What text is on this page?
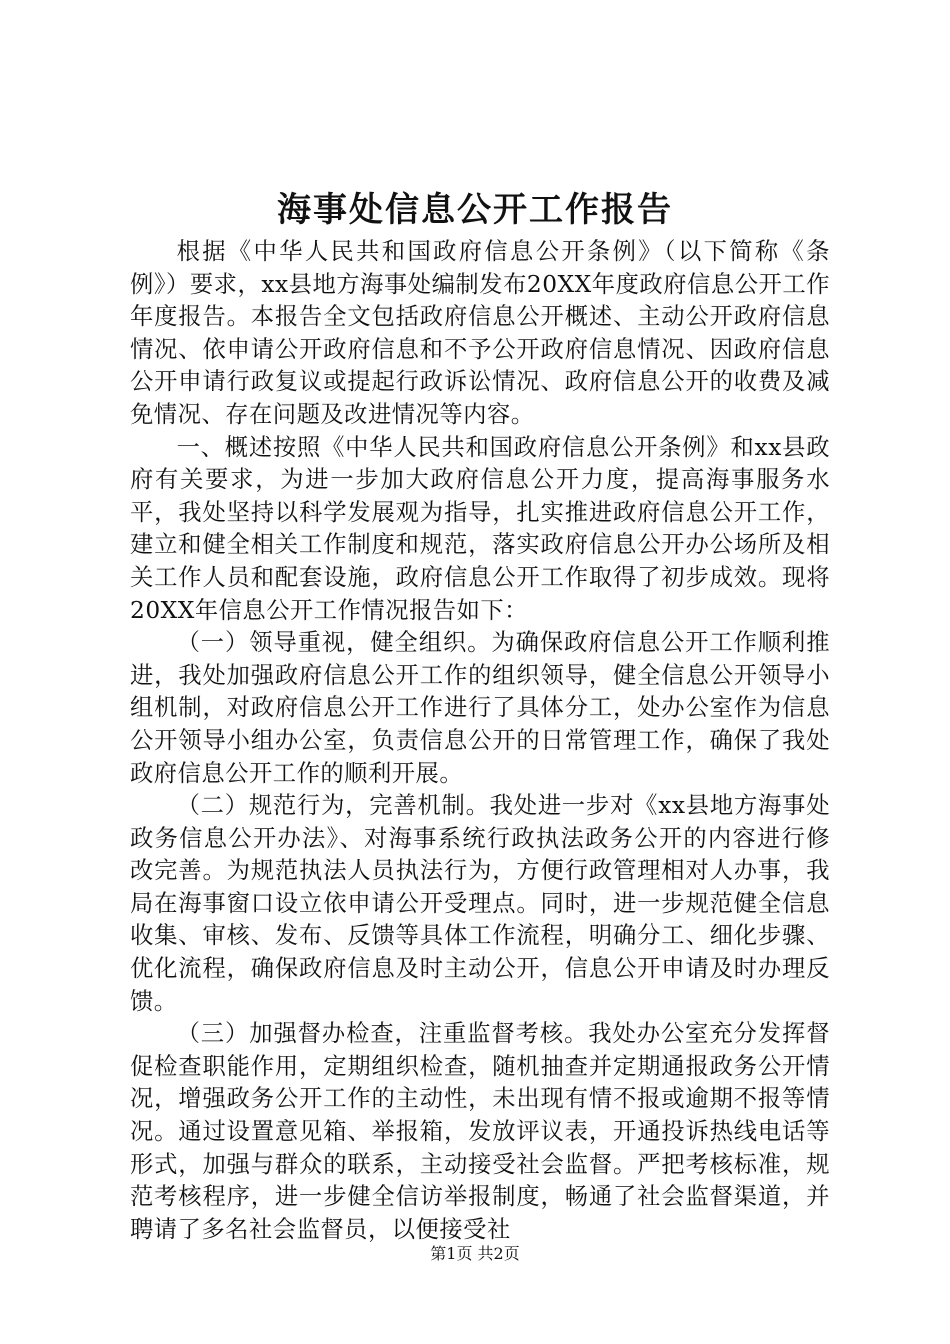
海事处信息公开工作报告

根据《中华人民共和国政府信息公开条例》（以下简称《条例》）要求，xx县地方海事处编制发布20XX年度政府信息公开工作年度报告。本报告全文包括政府信息公开概述、主动公开政府信息情况、依申请公开政府信息和不予公开政府信息情况、因政府信息公开申请行政复议或提起行政诉讼情况、政府信息公开的收费及减免情况、存在问题及改进情况等内容。

一、概述按照《中华人民共和国政府信息公开条例》和xx县政府有关要求，为进一步加大政府信息公开力度，提高海事服务水平，我处坚持以科学发展观为指导，扎实推进政府信息公开工作，建立和健全相关工作制度和规范，落实政府信息公开办公场所及相关工作人员和配套设施，政府信息公开工作取得了初步成效。现将20XX年信息公开工作情况报告如下：

（一）领导重视，健全组织。为确保政府信息公开工作顺利推进，我处加强政府信息公开工作的组织领导，健全信息公开领导小组机制，对政府信息公开工作进行了具体分工，处办公室作为信息公开领导小组办公室，负责信息公开的日常管理工作，确保了我处政府信息公开工作的顺利开展。

（二）规范行为，完善机制。我处进一步对《xx县地方海事处政务信息公开办法》、对海事系统行政执法政务公开的内容进行修改完善。为规范执法人员执法行为，方便行政管理相对人办事，我局在海事窗口设立依申请公开受理点。同时，进一步规范健全信息收集、审核、发布、反馈等具体工作流程，明确分工、细化步骤、优化流程，确保政府信息及时主动公开，信息公开申请及时办理反馈。

（三）加强督办检查，注重监督考核。我处办公室充分发挥督促检查职能作用，定期组织检查，随机抽查并定期通报政务公开情况，增强政务公开工作的主动性，未出现有情不报或逾期不报等情况。通过设置意见箱、举报箱，发放评议表，开通投诉热线电话等形式，加强与群众的联系，主动接受社会监督。严把考核标准，规范考核程序，进一步健全信访举报制度，畅通了社会监督渠道，并聘请了多名社会监督员，以便接受社

第1页 共2页
